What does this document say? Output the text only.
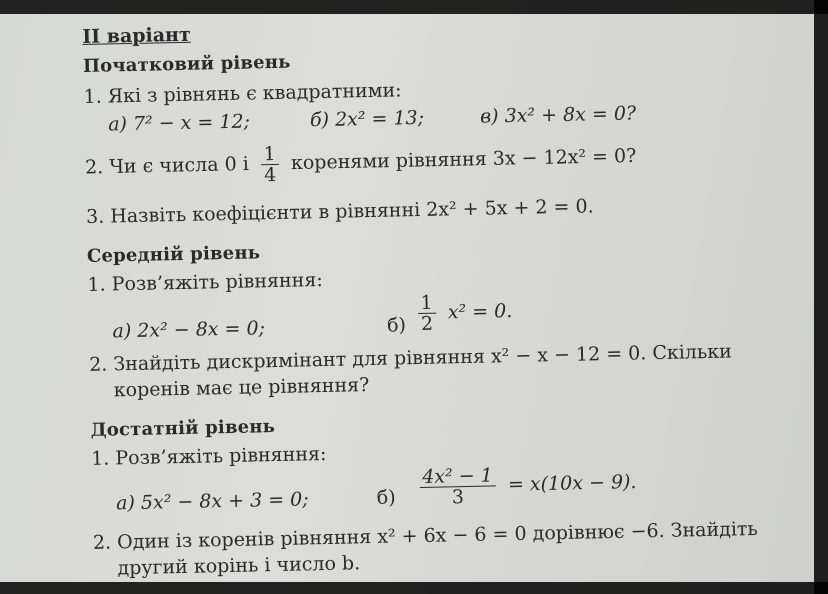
II варіант
Початковий рівень
1. Які з рівнянь є квадратними:
а) 7² − x = 12;	б) 2x² = 13;	в) 3x² + 8x = 0?
2. Чи є числа 0 і $\frac{1}{4}$ коренями рівняння 3x − 12x² = 0?
3. Назвіть коефіцієнти в рівнянні 2x² + 5x + 2 = 0.
Середній рівень
1. Розв’яжіть рівняння:
а) 2x² − 8x = 0;	$б) \frac{1}{2} x^2 = 0$.
2. Знайдіть дискримінант для рівняння x² − x − 12 = 0. Скільки
коренів має це рівняння?
Достатній рівень
1. Розв’яжіть рівняння:
а) 5x² − 8x + 3 = 0;	$б) \frac{\text{4x² − 1}}{3} = x(10x - 9)$.
2. Один із коренів рівняння x² + 6x − 6 = 0 дорівнює −6. Знайдіть
другий корінь і число b.
